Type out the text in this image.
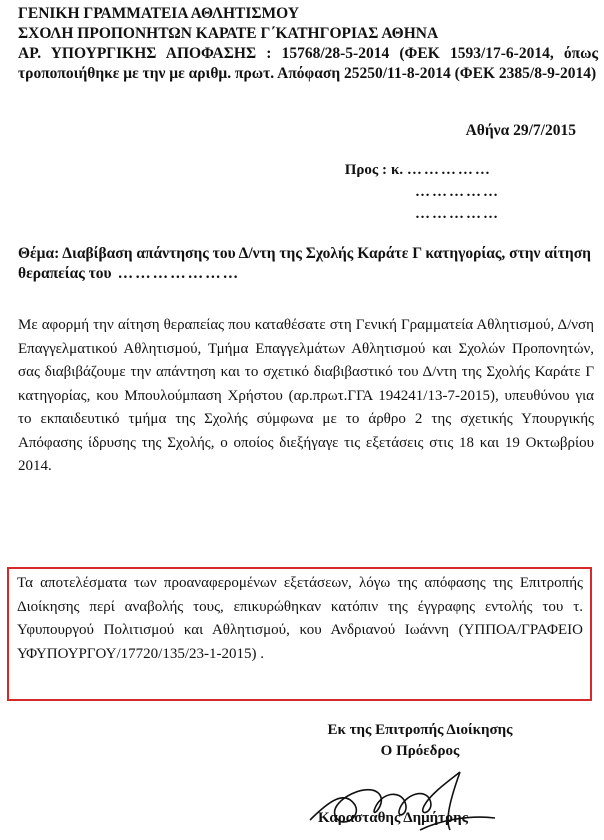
ΓΕΝΙΚΗ ΓΡΑΜΜΑΤΕΙΑ ΑΘΛΗΤΙΣΜΟΥ
ΣΧΟΛΗ ΠΡΟΠΟΝΗΤΩΝ ΚΑΡΑΤΕ Γ΄ΚΑΤΗΓΟΡΙΑΣ ΑΘΗΝΑ
ΑΡ. ΥΠΟΥΡΓΙΚΗΣ ΑΠΟΦΑΣΗΣ : 15768/28-5-2014 (ΦΕΚ 1593/17-6-2014, όπως τροποποιήθηκε με την με αριθμ. πρωτ. Απόφαση 25250/11-8-2014 (ΦΕΚ 2385/8-9-2014)
Αθήνα 29/7/2015
Προς : κ. ……………
……………
……………
Θέμα: Διαβίβαση απάντησης του Δ/ντη της Σχολής Καράτε Γ κατηγορίας, στην αίτηση θεραπείας του …………………
Με αφορμή την αίτηση θεραπείας που καταθέσατε στη Γενική Γραμματεία Αθλητισμού, Δ/νση Επαγγελματικού Αθλητισμού, Τμήμα Επαγγελμάτων Αθλητισμού και Σχολών Προπονητών, σας διαβιβάζουμε την απάντηση και το σχετικό διαβιβαστικό του Δ/ντη της Σχολής Καράτε Γ κατηγορίας, κου Μπουλούμπαση Χρήστου (αρ.πρωτ.ΓΓΑ 194241/13-7-2015), υπευθύνου για το εκπαιδευτικό τμήμα της Σχολής σύμφωνα με το άρθρο 2 της σχετικής Υπουργικής Απόφασης ίδρυσης της Σχολής, ο οποίος διεξήγαγε τις εξετάσεις στις 18 και 19 Οκτωβρίου 2014.
Τα αποτελέσματα των προαναφερομένων εξετάσεων, λόγω της απόφασης της Επιτροπής Διοίκησης περί αναβολής τους, επικυρώθηκαν κατόπιν της έγγραφης εντολής του τ. Υφυπουργού Πολιτισμού και Αθλητισμού, κου Ανδριανού Ιωάννη (ΥΠΠΟΑ/ΓΡΑΦΕΙΟ ΥΦΥΠΟΥΡΓΟΥ/17720/135/23-1-2015) .
Εκ της Επιτροπής Διοίκησης
Ο Πρόεδρος
Καρασταθης Δημήτρης
